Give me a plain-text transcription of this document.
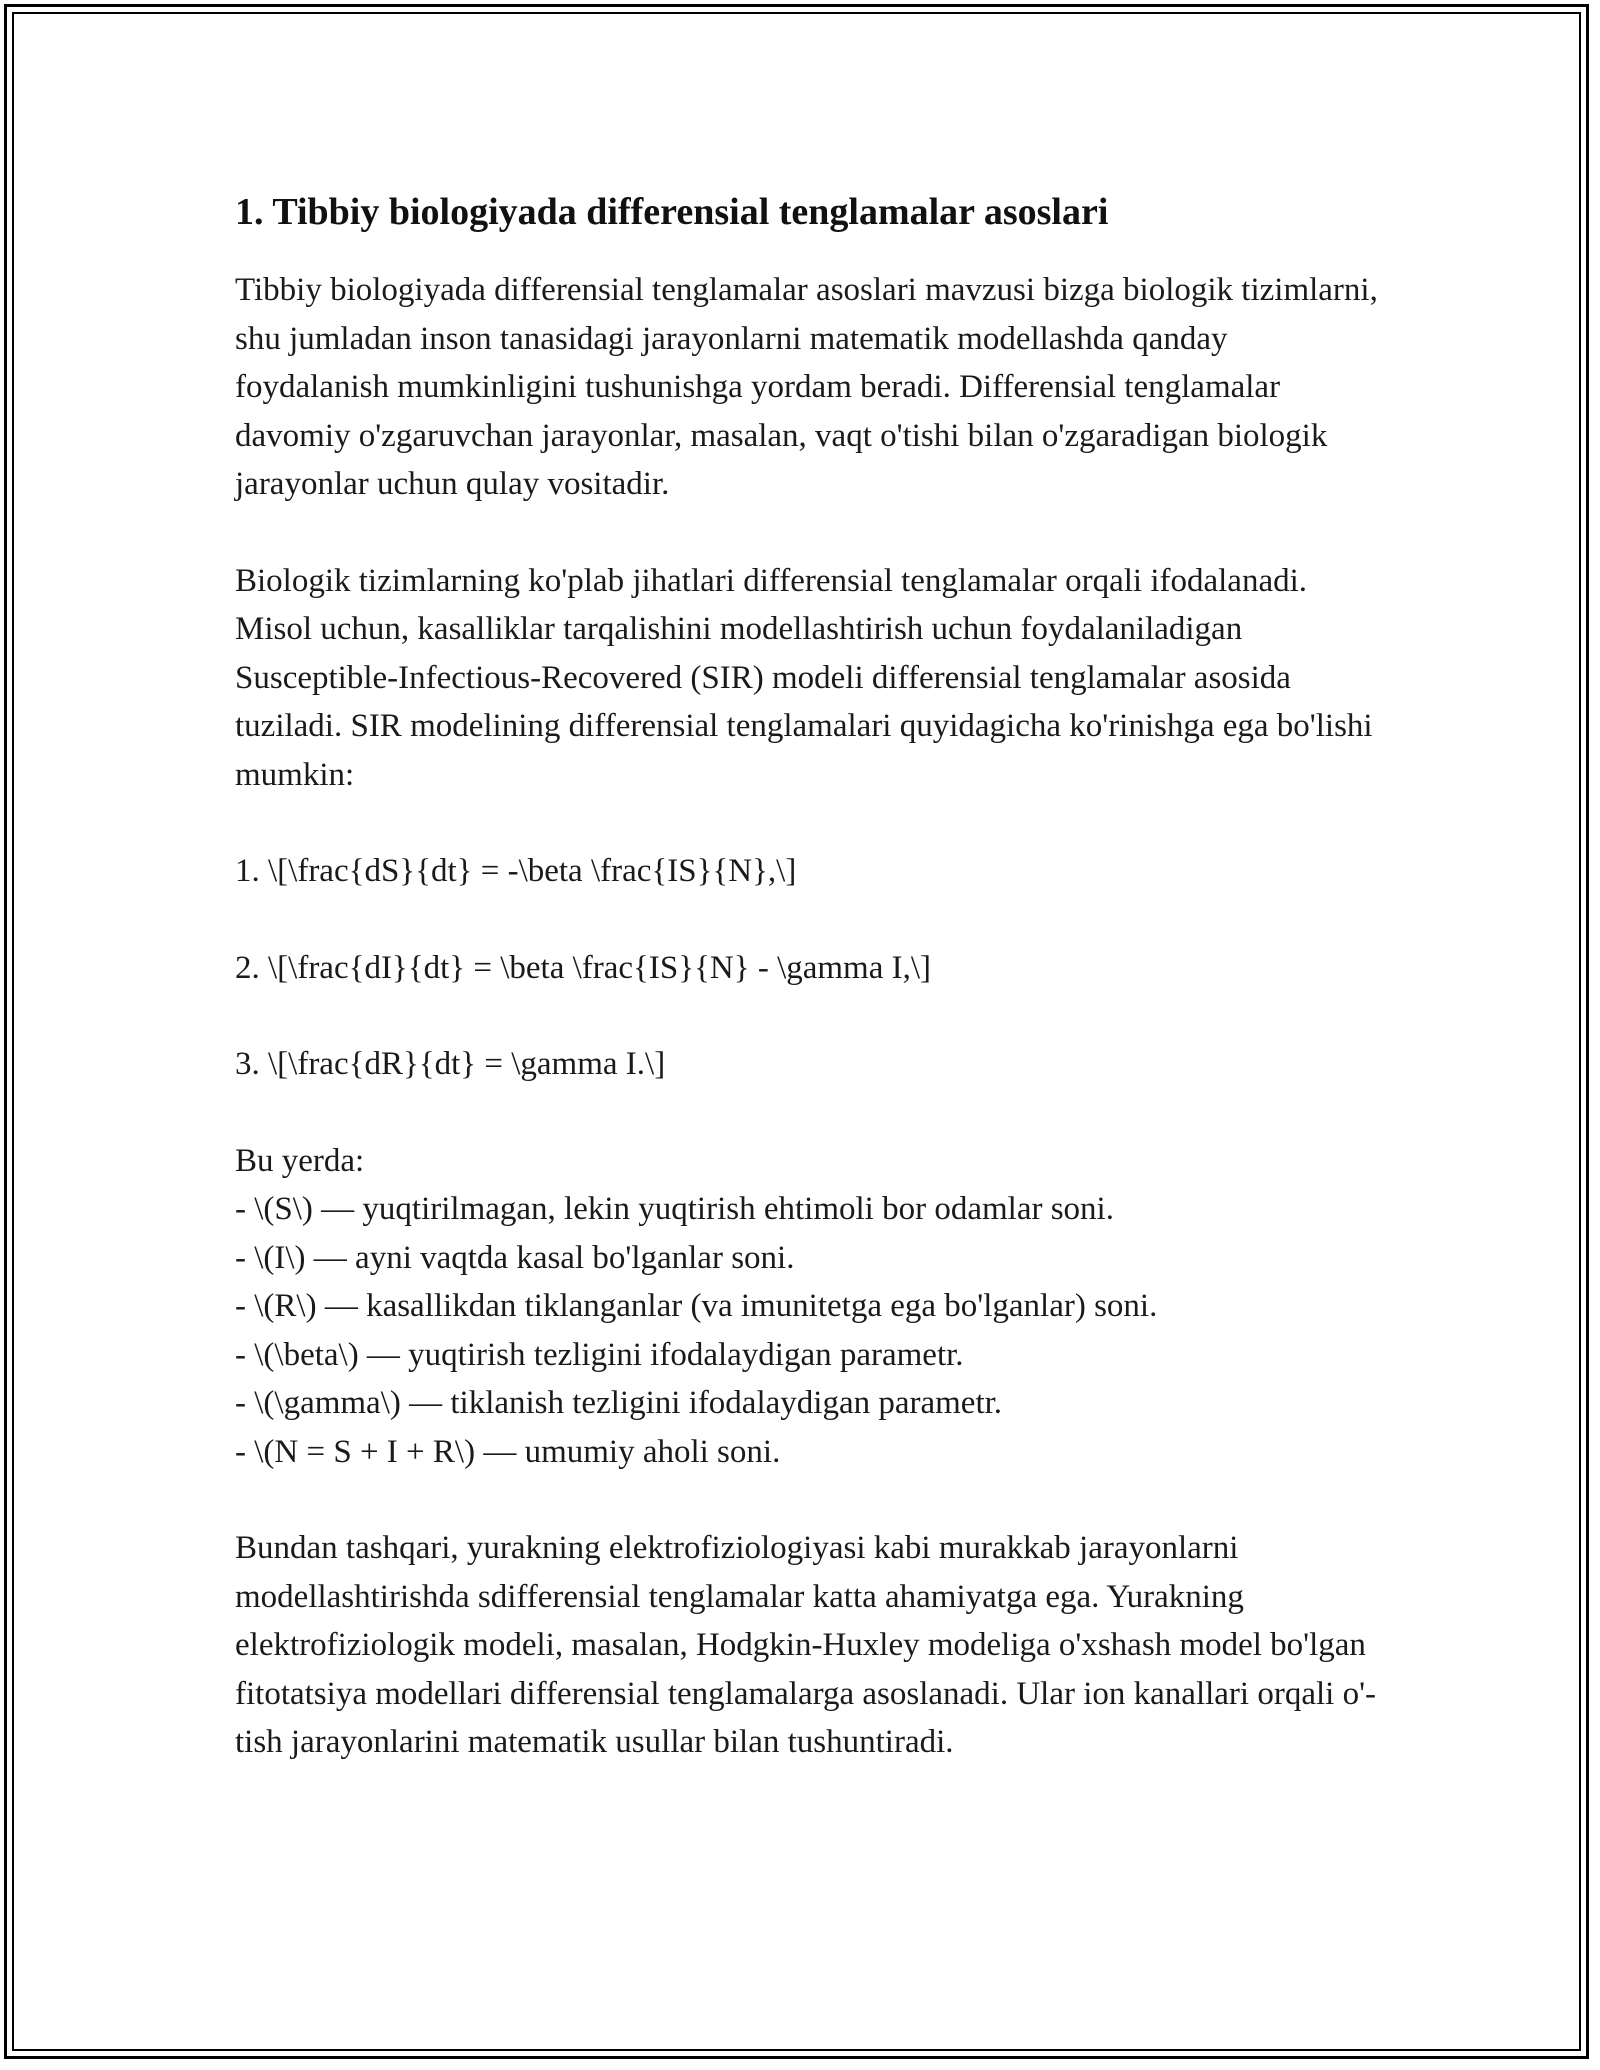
1. Tibbiy biologiyada differensial tenglamalar asoslari

Tibbiy biologiyada differensial tenglamalar asoslari mavzusi bizga biologik tizimlarni, shu jumladan inson tanasidagi jarayonlarni matematik modellashda qanday foydalanish mumkinligini tushunishga yordam beradi. Differensial tenglamalar davomiy o'zgaruvchan jarayonlar, masalan, vaqt o'tishi bilan o'zgaradigan biologik jarayonlar uchun qulay vositadir.

Biologik tizimlarning ko'plab jihatlari differensial tenglamalar orqali ifodalanadi. Misol uchun, kasalliklar tarqalishini modellashtirish uchun foydalaniladigan Susceptible-Infectious-Recovered (SIR) modeli differensial tenglamalar asosida tuziladi. SIR modelining differensial tenglamalari quyidagicha ko'rinishga ega bo'lishi mumkin:

1. \[\frac{dS}{dt} = -\beta \frac{IS}{N},\]

2. \[\frac{dI}{dt} = \beta \frac{IS}{N} - \gamma I,\]

3. \[\frac{dR}{dt} = \gamma I.\]

Bu yerda:
- \(S\) — yuqtirilmagan, lekin yuqtirish ehtimoli bor odamlar soni.
- \(I\) — ayni vaqtda kasal bo'lganlar soni.
- \(R\) — kasallikdan tiklanganlar (va imunitetga ega bo'lganlar) soni.
- \(\beta\) — yuqtirish tezligini ifodalaydigan parametr.
- \(\gamma\) — tiklanish tezligini ifodalaydigan parametr.
- \(N = S + I + R\) — umumiy aholi soni.

Bundan tashqari, yurakning elektrofiziologiyasi kabi murakkab jarayonlarni modellashtirishda sdifferensial tenglamalar katta ahamiyatga ega. Yurakning elektrofiziologik modeli, masalan, Hodgkin-Huxley modeliga o'xshash model bo'lgan fitotatsiya modellari differensial tenglamalarga asoslanadi. Ular ion kanallari orqali o'-tish jarayonlarini matematik usullar bilan tushuntiradi.
